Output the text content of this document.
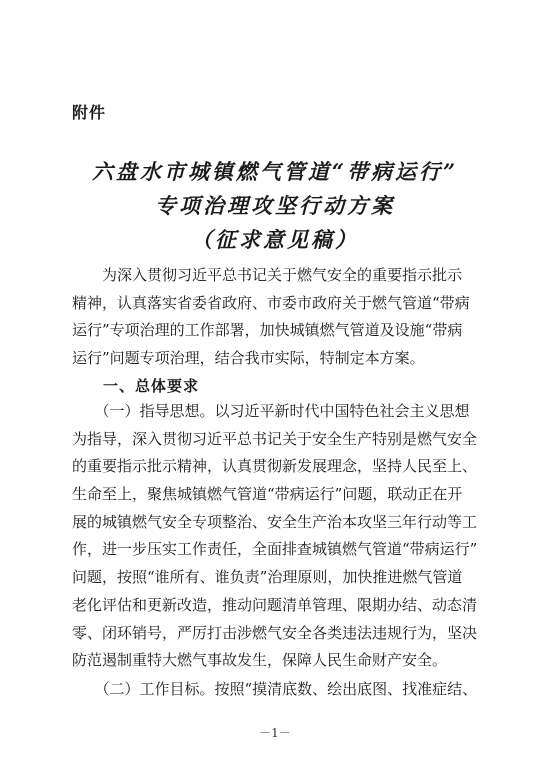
附件
六盘水市城镇燃气管道“带病运行”
专项治理攻坚行动方案
（征求意见稿）
　　为深入贯彻习近平总书记关于燃气安全的重要指示批示
精神，认真落实省委省政府、市委市政府关于燃气管道“带病
运行”专项治理的工作部署，加快城镇燃气管道及设施“带病
运行”问题专项治理，结合我市实际，特制定本方案。
一、总体要求
　　（一）指导思想。以习近平新时代中国特色社会主义思想
为指导，深入贯彻习近平总书记关于安全生产特别是燃气安全
的重要指示批示精神，认真贯彻新发展理念，坚持人民至上、
生命至上，聚焦城镇燃气管道“带病运行”问题，联动正在开
展的城镇燃气安全专项整治、安全生产治本攻坚三年行动等工
作，进一步压实工作责任，全面排查城镇燃气管道“带病运行”
问题，按照“谁所有、谁负责”治理原则，加快推进燃气管道
老化评估和更新改造，推动问题清单管理、限期办结、动态清
零、闭环销号，严厉打击涉燃气安全各类违法违规行为，坚决
防范遏制重特大燃气事故发生，保障人民生命财产安全。
　　（二）工作目标。按照“摸清底数、绘出底图、找准症结、
－1－
